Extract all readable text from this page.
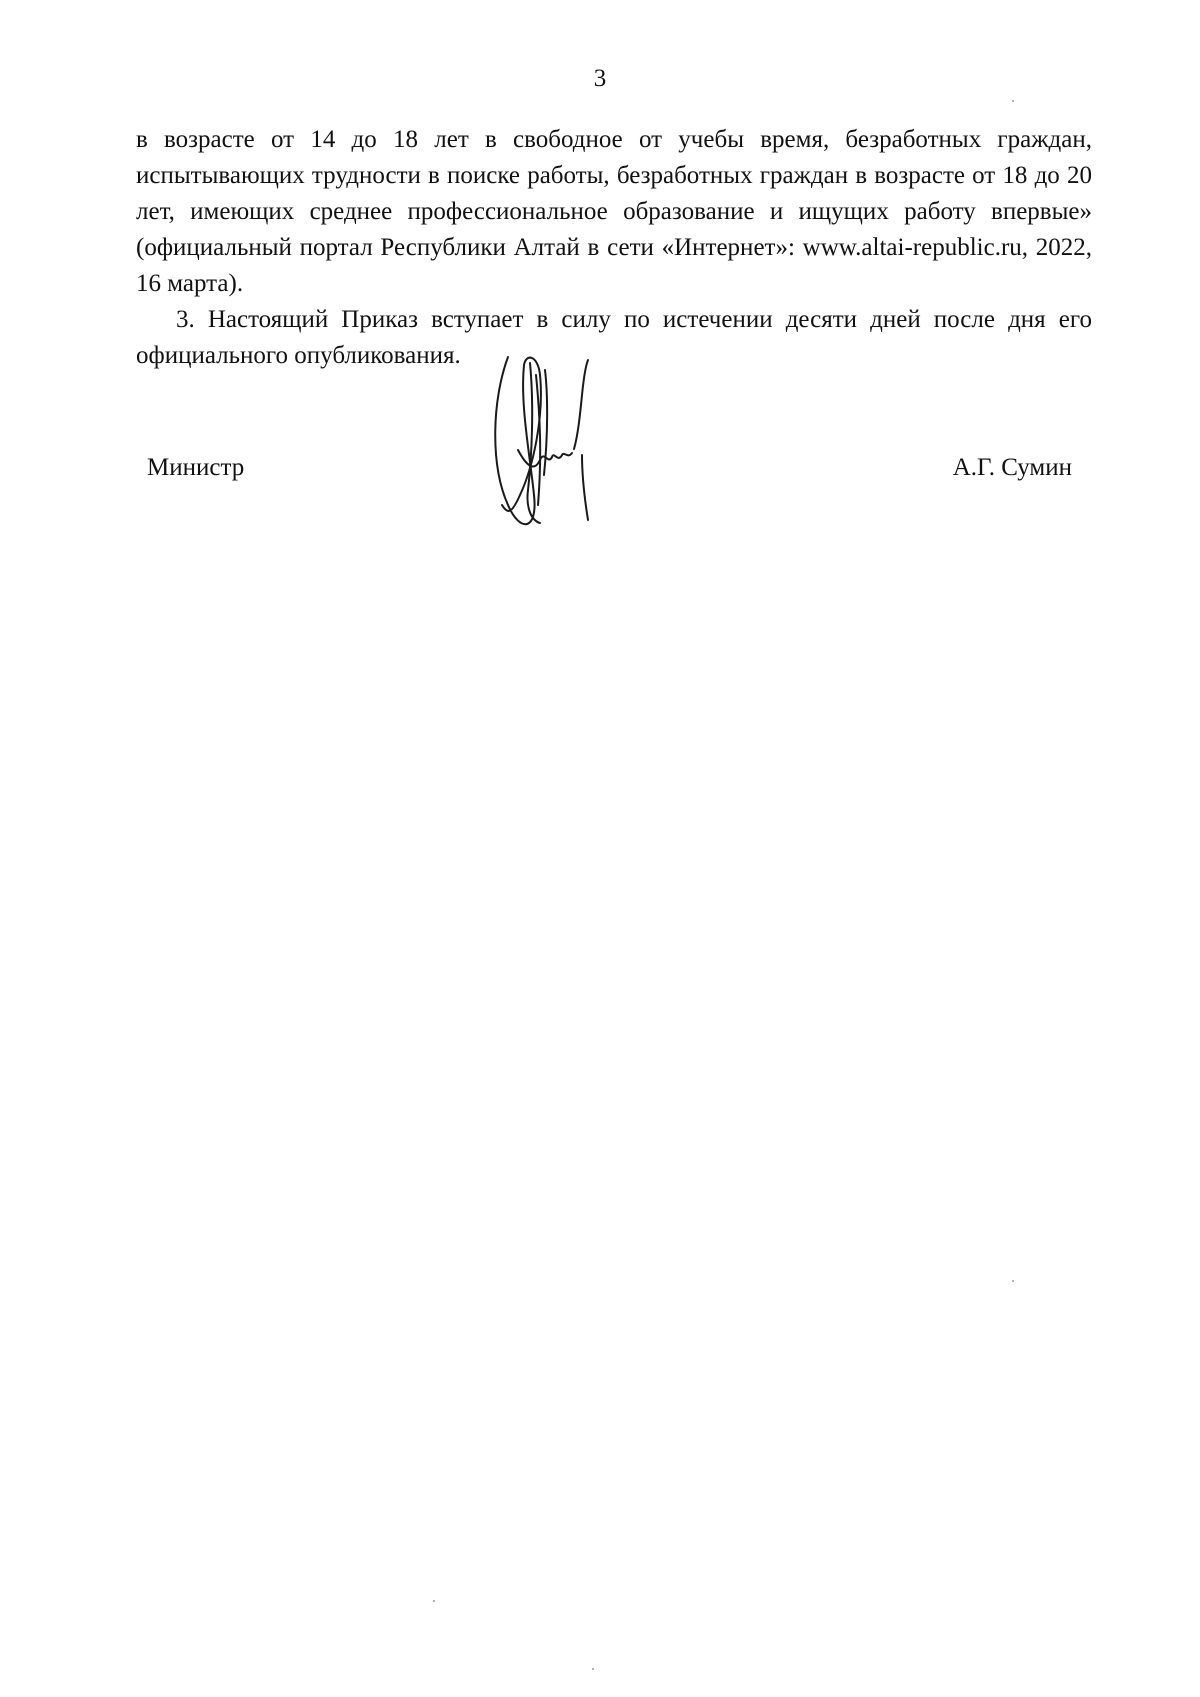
3

в возрасте от 14 до 18 лет в свободное от учебы время, безработных граждан, испытывающих трудности в поиске работы, безработных граждан в возрасте от 18 до 20 лет, имеющих среднее профессиональное образование и ищущих работу впервые» (официальный портал Республики Алтай в сети «Интернет»: www.altai-republic.ru, 2022, 16 марта).

3. Настоящий Приказ вступает в силу по истечении десяти дней после дня его официального опубликования.

Министр	А.Г. Сумин
